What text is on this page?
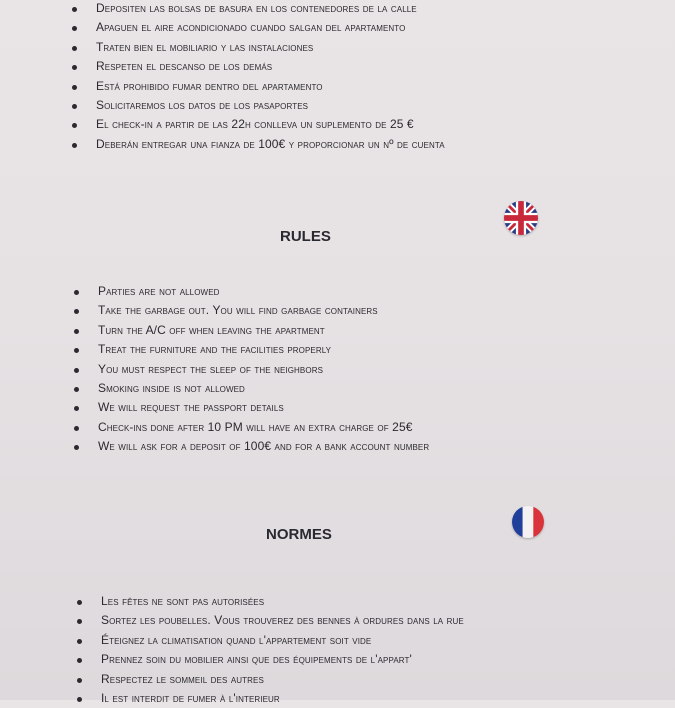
Depositen las bolsas de basura en los contenedores de la calle
Apaguen el aire acondicionado cuando salgan del apartamento
Traten bien el mobiliario y las instalaciones
Respeten el descanso de los demás
Está prohibido fumar dentro del apartamento
Solicitaremos los datos de los pasaportes
El check-in a partir de las 22h conlleva un suplemento de 25 €
Deberán entregar una fianza de 100€ y proporcionar un nº de cuenta
RULES
Parties are not allowed
Take the garbage out. You will find garbage containers
Turn the A/C off when leaving the apartment
Treat the furniture and the facilities properly
You must respect the sleep of the neighbors
Smoking inside is not allowed
We will request the passport details
Check-ins done after 10 PM will have an extra charge of 25€
We will ask for a deposit of 100€ and for a bank account number
NORMES
Les fêtes ne sont pas autorisées
Sortez les poubelles. Vous trouverez des bennes à ordures dans la rue
Éteignez la climatisation quand l'appartement soit vide
Prennez soin du mobilier ainsi que des équipements de l'appart'
Respectez le sommeil des autres
Il est interdit de fumer à l'interieur
